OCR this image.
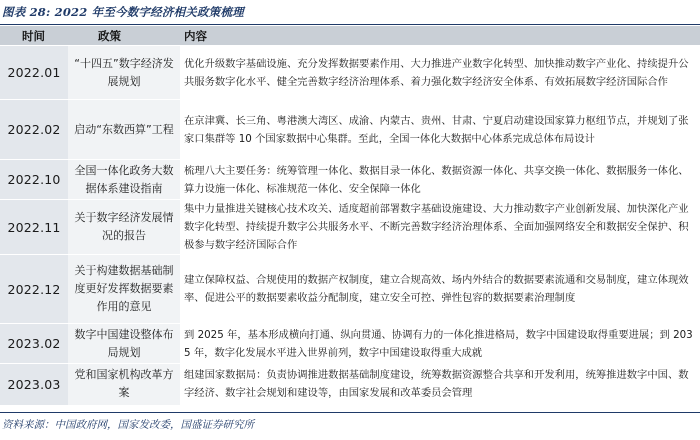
图表 28: 2022 年至今数字经济相关政策梳理
时间	政策	内容
2022.01	“十四五”数字经济发展规划	优化升级数字基础设施、充分发挥数据要素作用、大力推进产业数字化转型、加快推动数字产业化、持续提升公共服务数字化水平、健全完善数字经济治理体系、着力强化数字经济安全体系、有效拓展数字经济国际合作
2022.02	启动“东数西算”工程	在京津冀、长三角、粤港澳大湾区、成渝、内蒙古、贵州、甘肃、宁夏启动建设国家算力枢纽节点，并规划了张家口集群等 10 个国家数据中心集群。至此，全国一体化大数据中心体系完成总体布局设计
2022.10	全国一体化政务大数据体系建设指南	梳理八大主要任务：统筹管理一体化、数据目录一体化、数据资源一体化、共享交换一体化、数据服务一体化、算力设施一体化、标准规范一体化、安全保障一体化
2022.11	关于数字经济发展情况的报告	集中力量推进关键核心技术攻关、适度超前部署数字基础设施建设、大力推动数字产业创新发展、加快深化产业数字化转型、持续提升数字公共服务水平、不断完善数字经济治理体系、全面加强网络安全和数据安全保护、积极参与数字经济国际合作
2022.12	关于构建数据基础制度更好发挥数据要素作用的意见	建立保障权益、合规使用的数据产权制度，建立合规高效、场内外结合的数据要素流通和交易制度，建立体现效率、促进公平的数据要素收益分配制度，建立安全可控、弹性包容的数据要素治理制度
2023.02	数字中国建设整体布局规划	到 2025 年，基本形成横向打通、纵向贯通、协调有力的一体化推进格局，数字中国建设取得重要进展；到 2035 年，数字化发展水平进入世界前列，数字中国建设取得重大成就
2023.03	党和国家机构改革方案	组建国家数据局：负责协调推进数据基础制度建设，统筹数据资源整合共享和开发利用，统筹推进数字中国、数字经济、数字社会规划和建设等，由国家发展和改革委员会管理
资料来源：中国政府网，国家发改委，国盛证券研究所
